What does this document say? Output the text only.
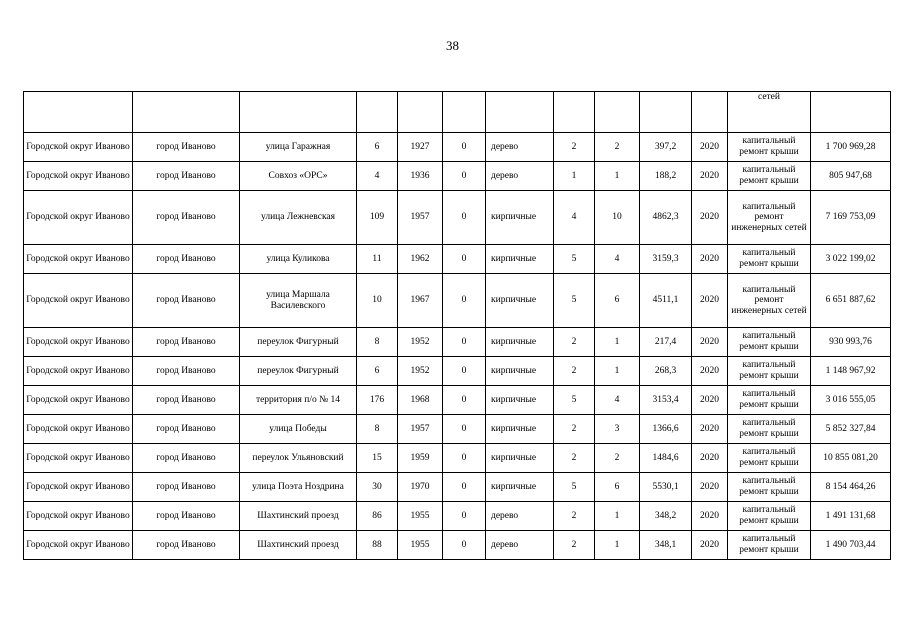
38
											сетей	
Городской округ Иваново	город Иваново	улица Гаражная	6	1927	0	дерево	2	2	397,2	2020	капитальный ремонт крыши	1 700 969,28
Городской округ Иваново	город Иваново	Совхоз «ОРС»	4	1936	0	дерево	1	1	188,2	2020	капитальный ремонт крыши	805 947,68
Городской округ Иваново	город Иваново	улица Лежневская	109	1957	0	кирпичные	4	10	4862,3	2020	капитальный ремонт инженерных сетей	7 169 753,09
Городской округ Иваново	город Иваново	улица Куликова	11	1962	0	кирпичные	5	4	3159,3	2020	капитальный ремонт крыши	3 022 199,02
Городской округ Иваново	город Иваново	улица Маршала Василевского	10	1967	0	кирпичные	5	6	4511,1	2020	капитальный ремонт инженерных сетей	6 651 887,62
Городской округ Иваново	город Иваново	переулок Фигурный	8	1952	0	кирпичные	2	1	217,4	2020	капитальный ремонт крыши	930 993,76
Городской округ Иваново	город Иваново	переулок Фигурный	6	1952	0	кирпичные	2	1	268,3	2020	капитальный ремонт крыши	1 148 967,92
Городской округ Иваново	город Иваново	территория п/о № 14	176	1968	0	кирпичные	5	4	3153,4	2020	капитальный ремонт крыши	3 016 555,05
Городской округ Иваново	город Иваново	улица Победы	8	1957	0	кирпичные	2	3	1366,6	2020	капитальный ремонт крыши	5 852 327,84
Городской округ Иваново	город Иваново	переулок Ульяновский	15	1959	0	кирпичные	2	2	1484,6	2020	капитальный ремонт крыши	10 855 081,20
Городской округ Иваново	город Иваново	улица Поэта Ноздрина	30	1970	0	кирпичные	5	6	5530,1	2020	капитальный ремонт крыши	8 154 464,26
Городской округ Иваново	город Иваново	Шахтинский проезд	86	1955	0	дерево	2	1	348,2	2020	капитальный ремонт крыши	1 491 131,68
Городской округ Иваново	город Иваново	Шахтинский проезд	88	1955	0	дерево	2	1	348,1	2020	капитальный ремонт крыши	1 490 703,44
